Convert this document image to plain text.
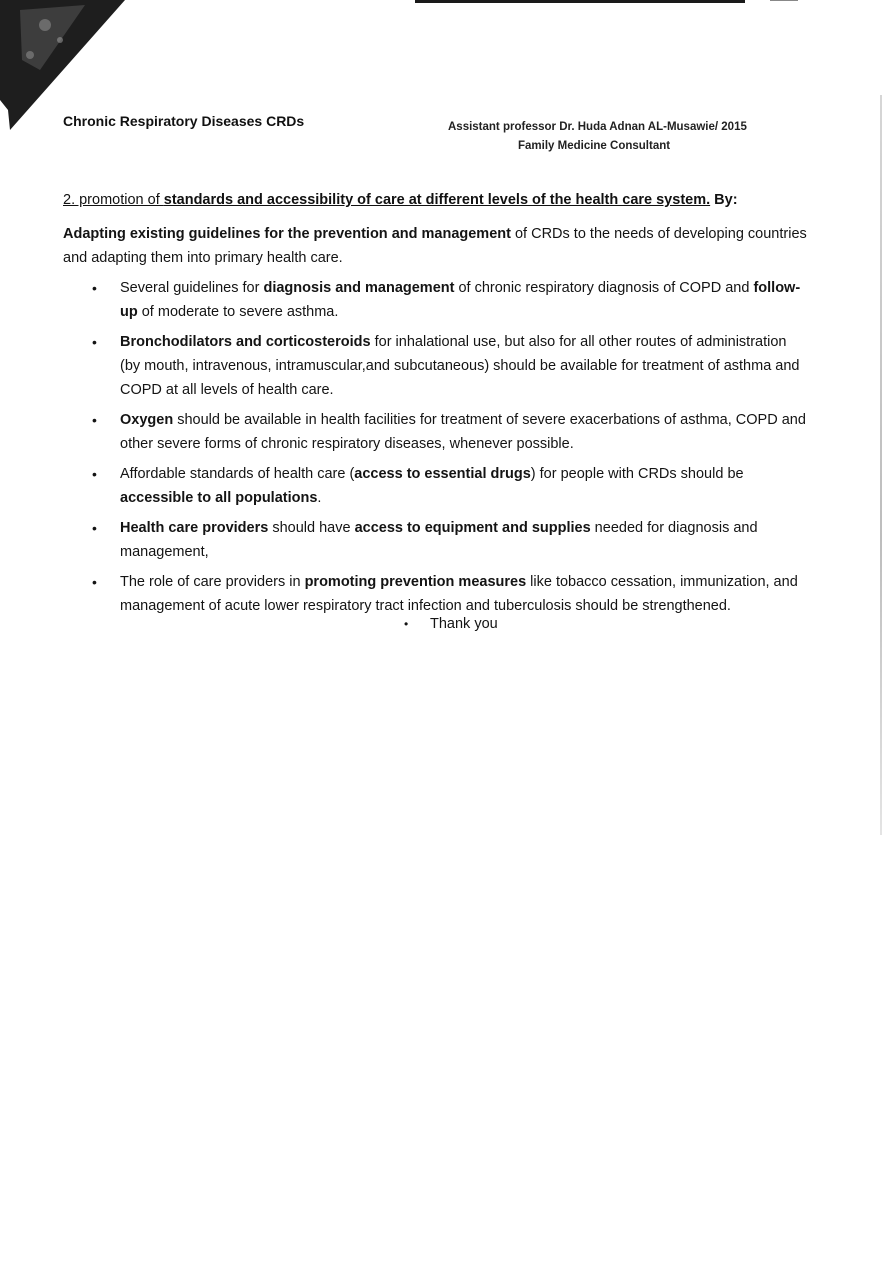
Chronic Respiratory Diseases CRDs	Assistant professor Dr. Huda Adnan AL-Musawie/ 2015
Family Medicine Consultant
2. promotion of standards and accessibility of care at different levels of the health care system. By:
Adapting existing guidelines for the prevention and management of CRDs to the needs of developing countries and adapting them into primary health care.
• Several guidelines for diagnosis and management of chronic respiratory diagnosis of COPD and follow-up of moderate to severe asthma.
• Bronchodilators and corticosteroids for inhalational use, but also for all other routes of administration (by mouth, intravenous, intramuscular,and subcutaneous) should be available for treatment of asthma and COPD at all levels of health care.
• Oxygen should be available in health facilities for treatment of severe exacerbations of asthma, COPD and other severe forms of chronic respiratory diseases, whenever possible.
• Affordable standards of health care (access to essential drugs) for people with CRDs should be accessible to all populations.
• Health care providers should have access to equipment and supplies needed for diagnosis and management,
• The role of care providers in promoting prevention measures like tobacco cessation, immunization, and management of acute lower respiratory tract infection and tuberculosis should be strengthened.
• Thank you
